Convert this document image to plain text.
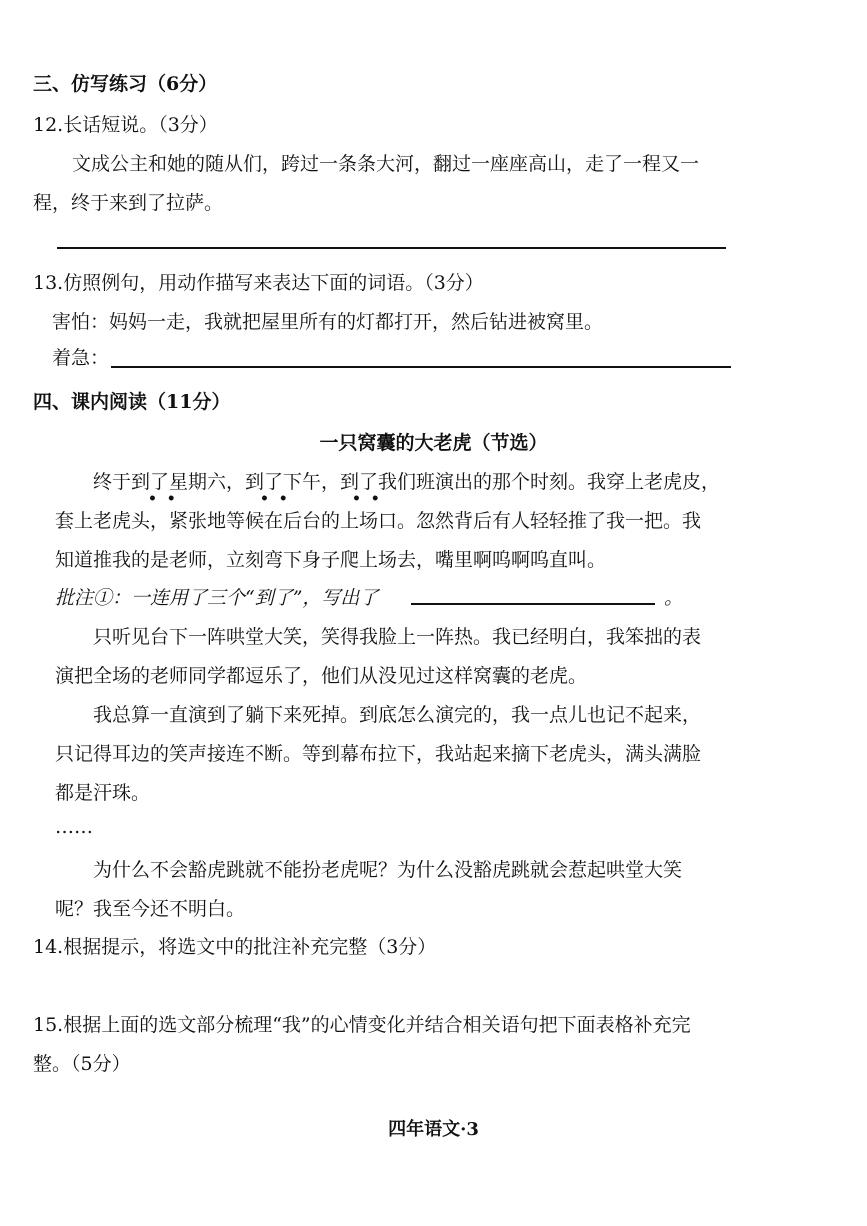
三、仿写练习（6分）
12.长话短说。（3分）
文成公主和她的随从们，跨过一条条大河，翻过一座座高山，走了一程又一
程，终于来到了拉萨。
13.仿照例句，用动作描写来表达下面的词语。（3分）
害怕：妈妈一走，我就把屋里所有的灯都打开，然后钻进被窝里。
着急：
四、课内阅读（11分）
一只窝囊的大老虎（节选）
终于到了星期六，到了下午，到了我们班演出的那个时刻。我穿上老虎皮，
•  •	•  •	•  •
套上老虎头，紧张地等候在后台的上场口。忽然背后有人轻轻推了我一把。我
知道推我的是老师，立刻弯下身子爬上场去，嘴里啊呜啊呜直叫。
批注①：一连用了三个“到了”，写出了	。
只听见台下一阵哄堂大笑，笑得我脸上一阵热。我已经明白，我笨拙的表
演把全场的老师同学都逗乐了，他们从没见过这样窝囊的老虎。
我总算一直演到了躺下来死掉。到底怎么演完的，我一点儿也记不起来，
只记得耳边的笑声接连不断。等到幕布拉下，我站起来摘下老虎头，满头满脸
都是汗珠。
……
为什么不会豁虎跳就不能扮老虎呢？为什么没豁虎跳就会惹起哄堂大笑
呢？我至今还不明白。
14.根据提示，将选文中的批注补充完整（3分）
15.根据上面的选文部分梳理“我”的心情变化并结合相关语句把下面表格补充完
整。（5分）
四年语文·3
